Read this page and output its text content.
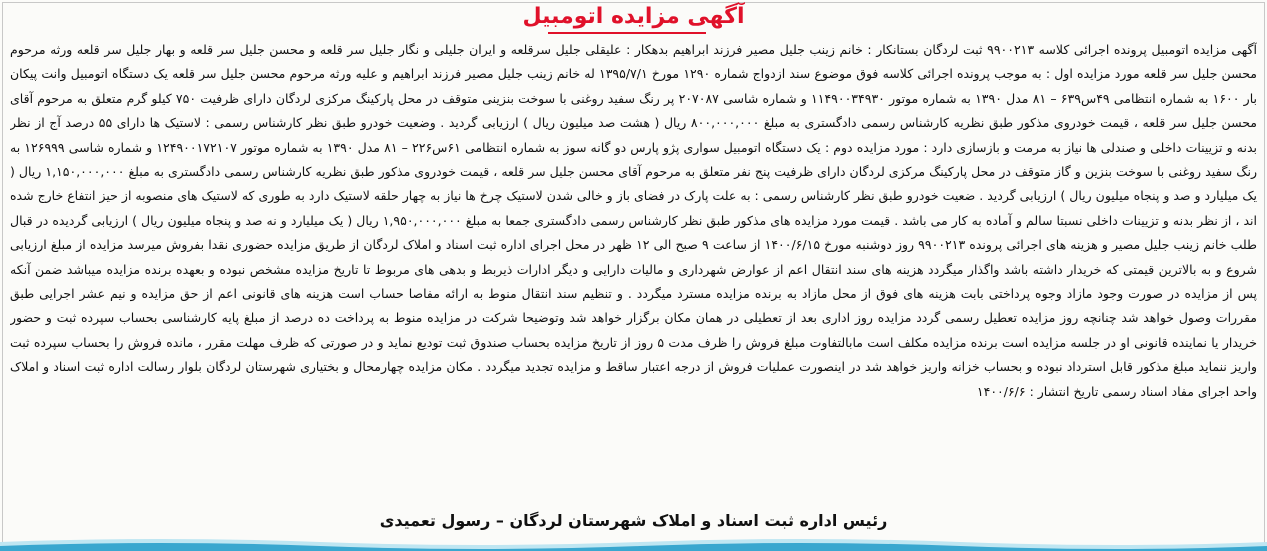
آگهی مزایده اتومبیل

آگهی مزایده اتومبیل پرونده اجرائی کلاسه ۹۹۰۰۲۱۳ ثبت لردگان بستانکار : خانم زینب جلیل مصیر فرزند ابراهیم بدهکار : علیقلی جلیل سرقلعه و ایران جلیلی و نگار جلیل سر قلعه و محسن جلیل سر قلعه و بهار جلیل سر قلعه ورثه مرحوم محسن جلیل سر قلعه مورد مزایده اول : به موجب پرونده اجرائی کلاسه فوق موضوع سند ازدواج شماره ۱۲۹۰ مورخ ۱۳۹۵/۷/۱ له خانم زینب جلیل مصیر فرزند ابراهیم و علیه ورثه مرحوم محسن جلیل سر قلعه یک دستگاه اتومبیل وانت پیکان بار ۱۶۰۰ به شماره انتظامی ۴۹س۶۳۹ – ۸۱ مدل ۱۳۹۰ به شماره موتور ۱۱۴۹۰۰۳۴۹۳۰ و شماره شاسی ۲۰۷۰۸۷ پر رنگ سفید روغنی با سوخت بنزینی متوقف در محل پارکینگ مرکزی لردگان دارای ظرفیت ۷۵۰ کیلو گرم متعلق به مرحوم آقای محسن جلیل سر قلعه ، قیمت خودروی مذکور طبق نظریه کارشناس رسمی دادگستری به مبلغ ۸۰۰,۰۰۰,۰۰۰ ریال ( هشت صد میلیون ریال ) ارزیابی گردید . وضعیت خودرو طبق نظر کارشناس رسمی : لاستیک ها دارای ۵۵ درصد آج از نظر بدنه و تزیینات داخلی و صندلی ها نیاز به مرمت و بازسازی دارد : مورد مزایده دوم : یک دستگاه اتومبیل سواری پژو پارس دو گانه سوز به شماره انتظامی ۶۱س۲۲۶ – ۸۱ مدل ۱۳۹۰ به شماره موتور ۱۲۴۹۰۰۱۷۲۱۰۷ و شماره شاسی ۱۲۶۹۹۹ به رنگ سفید روغنی با سوخت بنزین و گاز متوقف در محل پارکینگ مرکزی لردگان دارای ظرفیت پنج نفر متعلق به مرحوم آقای محسن جلیل سر قلعه ، قیمت خودروی مذکور طبق نظریه کارشناس رسمی دادگستری به مبلغ ۱,۱۵۰,۰۰۰,۰۰۰ ریال ( یک میلیارد و صد و پنجاه میلیون ریال ) ارزیابی گردید . ضعیت خودرو طبق نظر کارشناس رسمی : به علت پارک در فضای باز و خالی شدن لاستیک چرخ ها نیاز به چهار حلقه لاستیک دارد به طوری که لاستیک های منصوبه از حیز انتفاع خارج شده اند ، از نظر بدنه و تزیینات داخلی نسبتا سالم و آماده به کار می باشد . قیمت مورد مزایده های مذکور طبق نظر کارشناس رسمی دادگستری جمعا به مبلغ ۱,۹۵۰,۰۰۰,۰۰۰ ریال ( یک میلیارد و نه صد و پنجاه میلیون ریال ) ارزیابی گردیده در قبال طلب خانم زینب جلیل مصیر و هزینه های اجرائی پرونده ۹۹۰۰۲۱۳ روز دوشنبه مورخ ۱۴۰۰/۶/۱۵ از ساعت ۹ صبح الی ۱۲ ظهر در محل اجرای اداره ثبت اسناد و املاک لردگان از طریق مزایده حضوری نقدا بفروش میرسد مزایده از مبلغ ارزیابی شروع و به بالاترین قیمتی که خریدار داشته باشد واگذار میگردد هزینه های سند انتقال اعم از عوارض شهرداری و مالیات دارایی و دیگر ادارات ذیربط و بدهی های مربوط تا تاریخ مزایده مشخص نبوده و بعهده برنده مزایده میباشد ضمن آنکه پس از مزایده در صورت وجود مازاد وجوه پرداختی بابت هزینه های فوق از محل مازاد به برنده مزایده مسترد میگردد . و تنظیم سند انتقال منوط به ارائه مفاصا حساب است هزینه های قانونی اعم از حق مزایده و نیم عشر اجرایی طبق مقررات وصول خواهد شد چنانچه روز مزایده تعطیل رسمی گردد مزایده روز اداری بعد از تعطیلی در همان مکان برگزار خواهد شد وتوضیحا شرکت در مزایده منوط به پرداخت ده درصد از مبلغ پایه کارشناسی بحساب سپرده ثبت و حضور خریدار یا نماینده قانونی او در جلسه مزایده است برنده مزایده مکلف است مابالتفاوت مبلغ فروش را ظرف مدت ۵ روز از تاریخ مزایده بحساب صندوق ثبت تودیع نماید و در صورتی که ظرف مهلت مقرر ، مانده فروش را بحساب سپرده ثبت واریز ننماید مبلغ مذکور قابل استرداد نبوده و بحساب خزانه واریز خواهد شد در اینصورت عملیات فروش از درجه اعتبار ساقط و مزایده تجدید میگردد . مکان مزایده چهارمحال و بختیاری شهرستان لردگان بلوار رسالت اداره ثبت اسناد و املاک واحد اجرای مفاد اسناد رسمی تاریخ انتشار : ۱۴۰۰/۶/۶

رئیس اداره ثبت اسناد و املاک شهرستان لردگان – رسول تعمیدی
